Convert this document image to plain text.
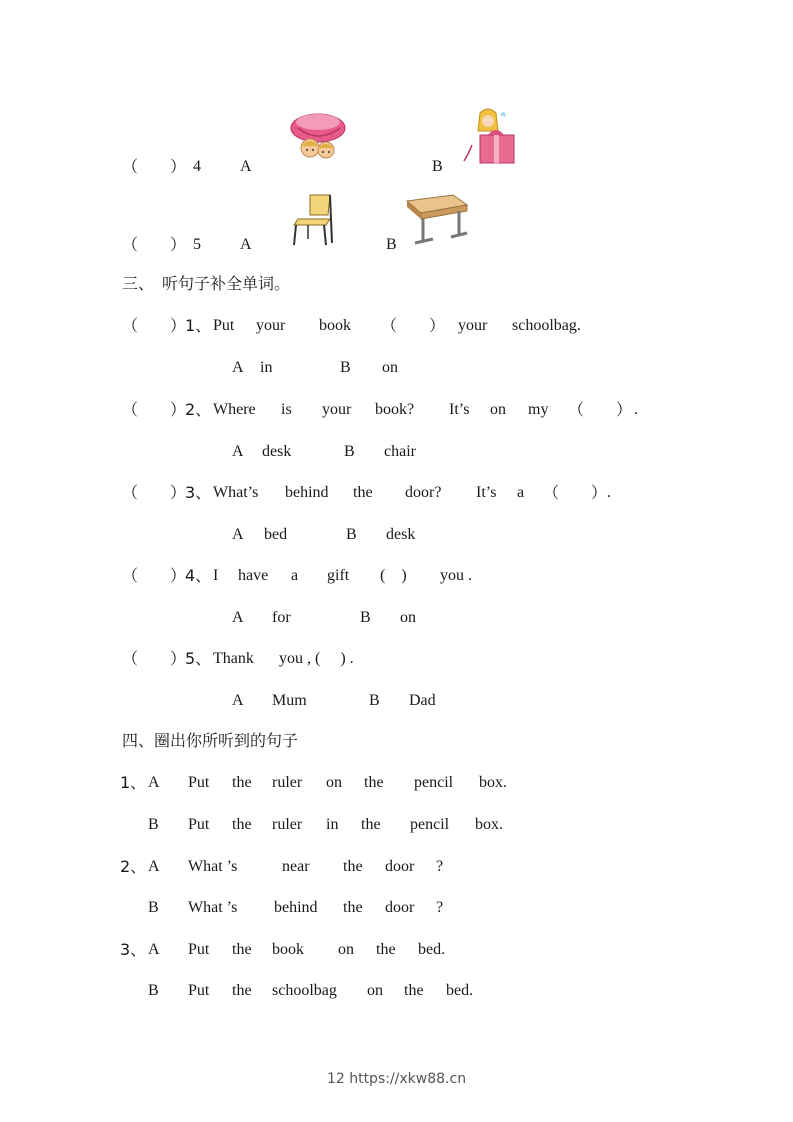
（　　） 4 A	B
（　　） 5 A	B
三、　听句子补全单词。
（　　）
1、 Put your book （　　） your schoolbag.
A in	B on
（　　）
2、 Where is your book? It’s on my （　　） .
A desk	B chair
（　　）
3、 What’s behind the door? It’s a （　　） .
A bed	B desk
（　　）
4、 I have a gift (　) you .
A for	B on
（　　）
5、 Thank you , (　 ) .
A Mum	B Dad
四、圈出你所听到的句子
1、 A Put the ruler on the pencil box.
B Put the ruler in the pencil box.
2、 A What ’s	near the door ?
B What ’s behind the door ?
3、 A Put the book on the bed.
B Put the schoolbag on the bed.
12 https://xkw88.cn
